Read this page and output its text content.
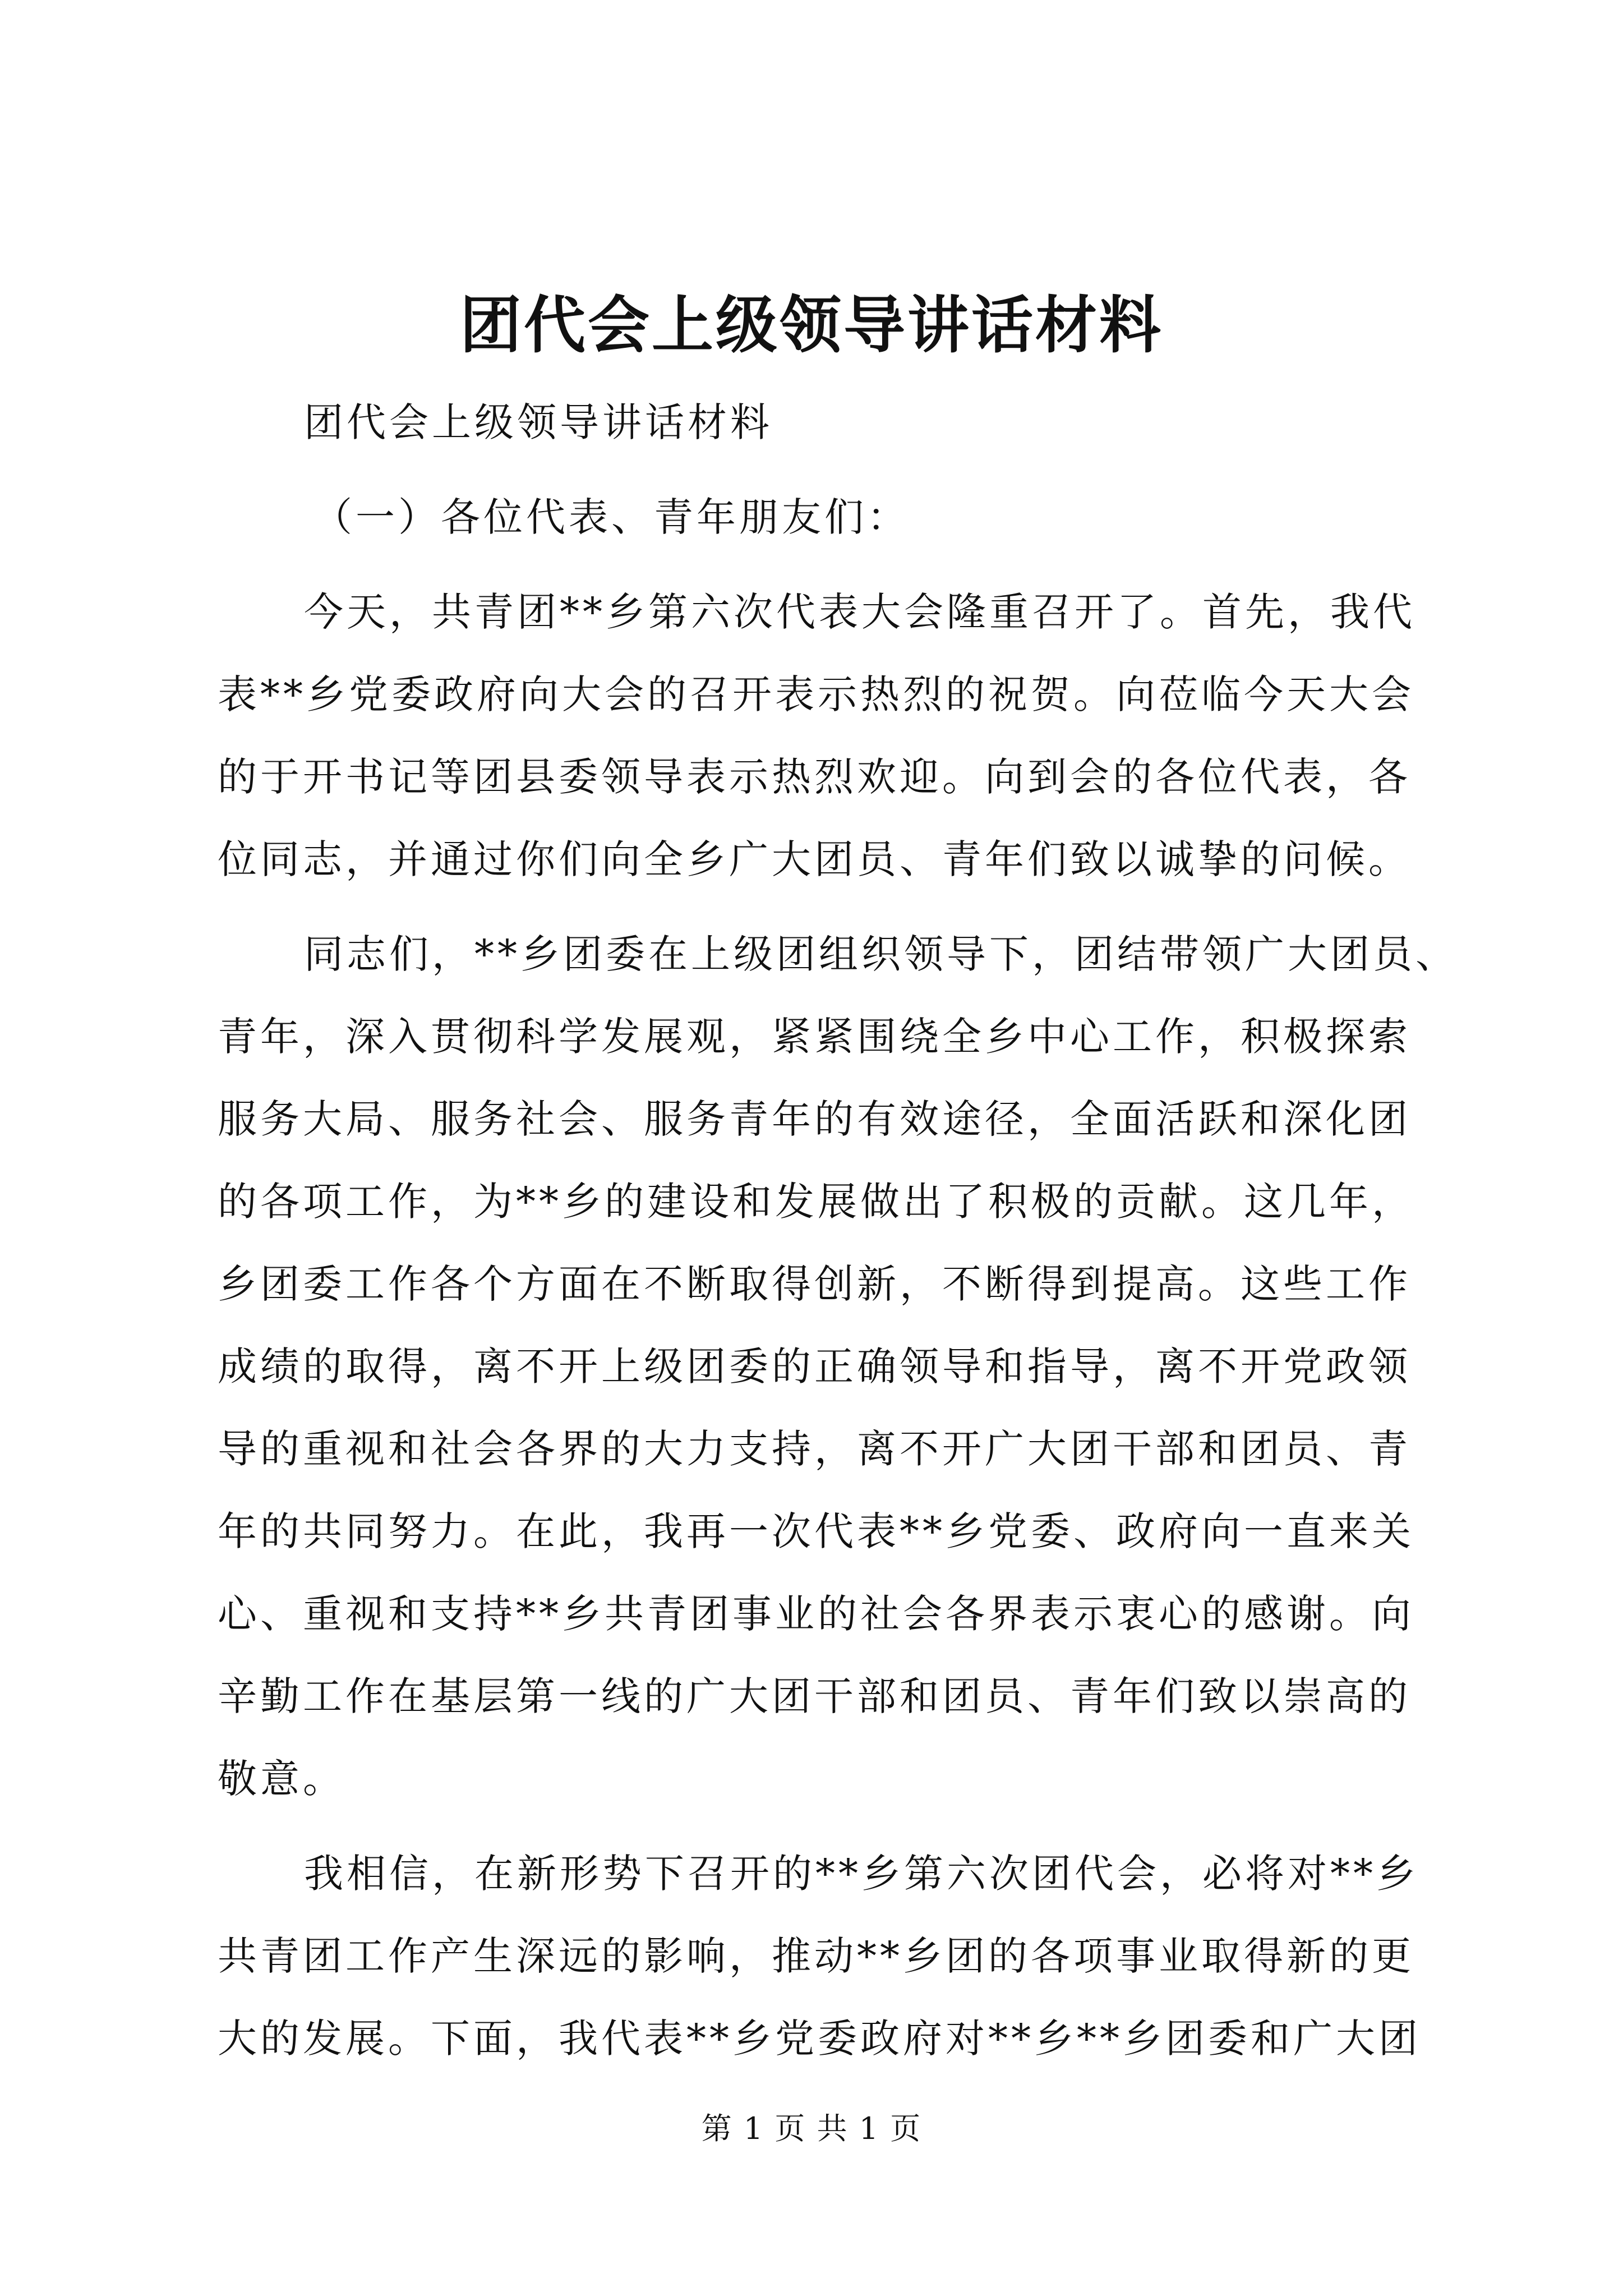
团代会上级领导讲话材料
团代会上级领导讲话材料
（一）各位代表、青年朋友们：
今天，共青团**乡第六次代表大会隆重召开了。首先，我代
表**乡党委政府向大会的召开表示热烈的祝贺。向莅临今天大会
的于开书记等团县委领导表示热烈欢迎。向到会的各位代表，各
位同志，并通过你们向全乡广大团员、青年们致以诚挚的问候。
同志们，**乡团委在上级团组织领导下，团结带领广大团员、
青年，深入贯彻科学发展观，紧紧围绕全乡中心工作，积极探索
服务大局、服务社会、服务青年的有效途径，全面活跃和深化团
的各项工作，为**乡的建设和发展做出了积极的贡献。这几年，
乡团委工作各个方面在不断取得创新，不断得到提高。这些工作
成绩的取得，离不开上级团委的正确领导和指导，离不开党政领
导的重视和社会各界的大力支持，离不开广大团干部和团员、青
年的共同努力。在此，我再一次代表**乡党委、政府向一直来关
心、重视和支持**乡共青团事业的社会各界表示衷心的感谢。向
辛勤工作在基层第一线的广大团干部和团员、青年们致以崇高的
敬意。
我相信，在新形势下召开的**乡第六次团代会，必将对**乡
共青团工作产生深远的影响，推动**乡团的各项事业取得新的更
大的发展。下面，我代表**乡党委政府对**乡**乡团委和广大团
第 1 页 共 1 页
